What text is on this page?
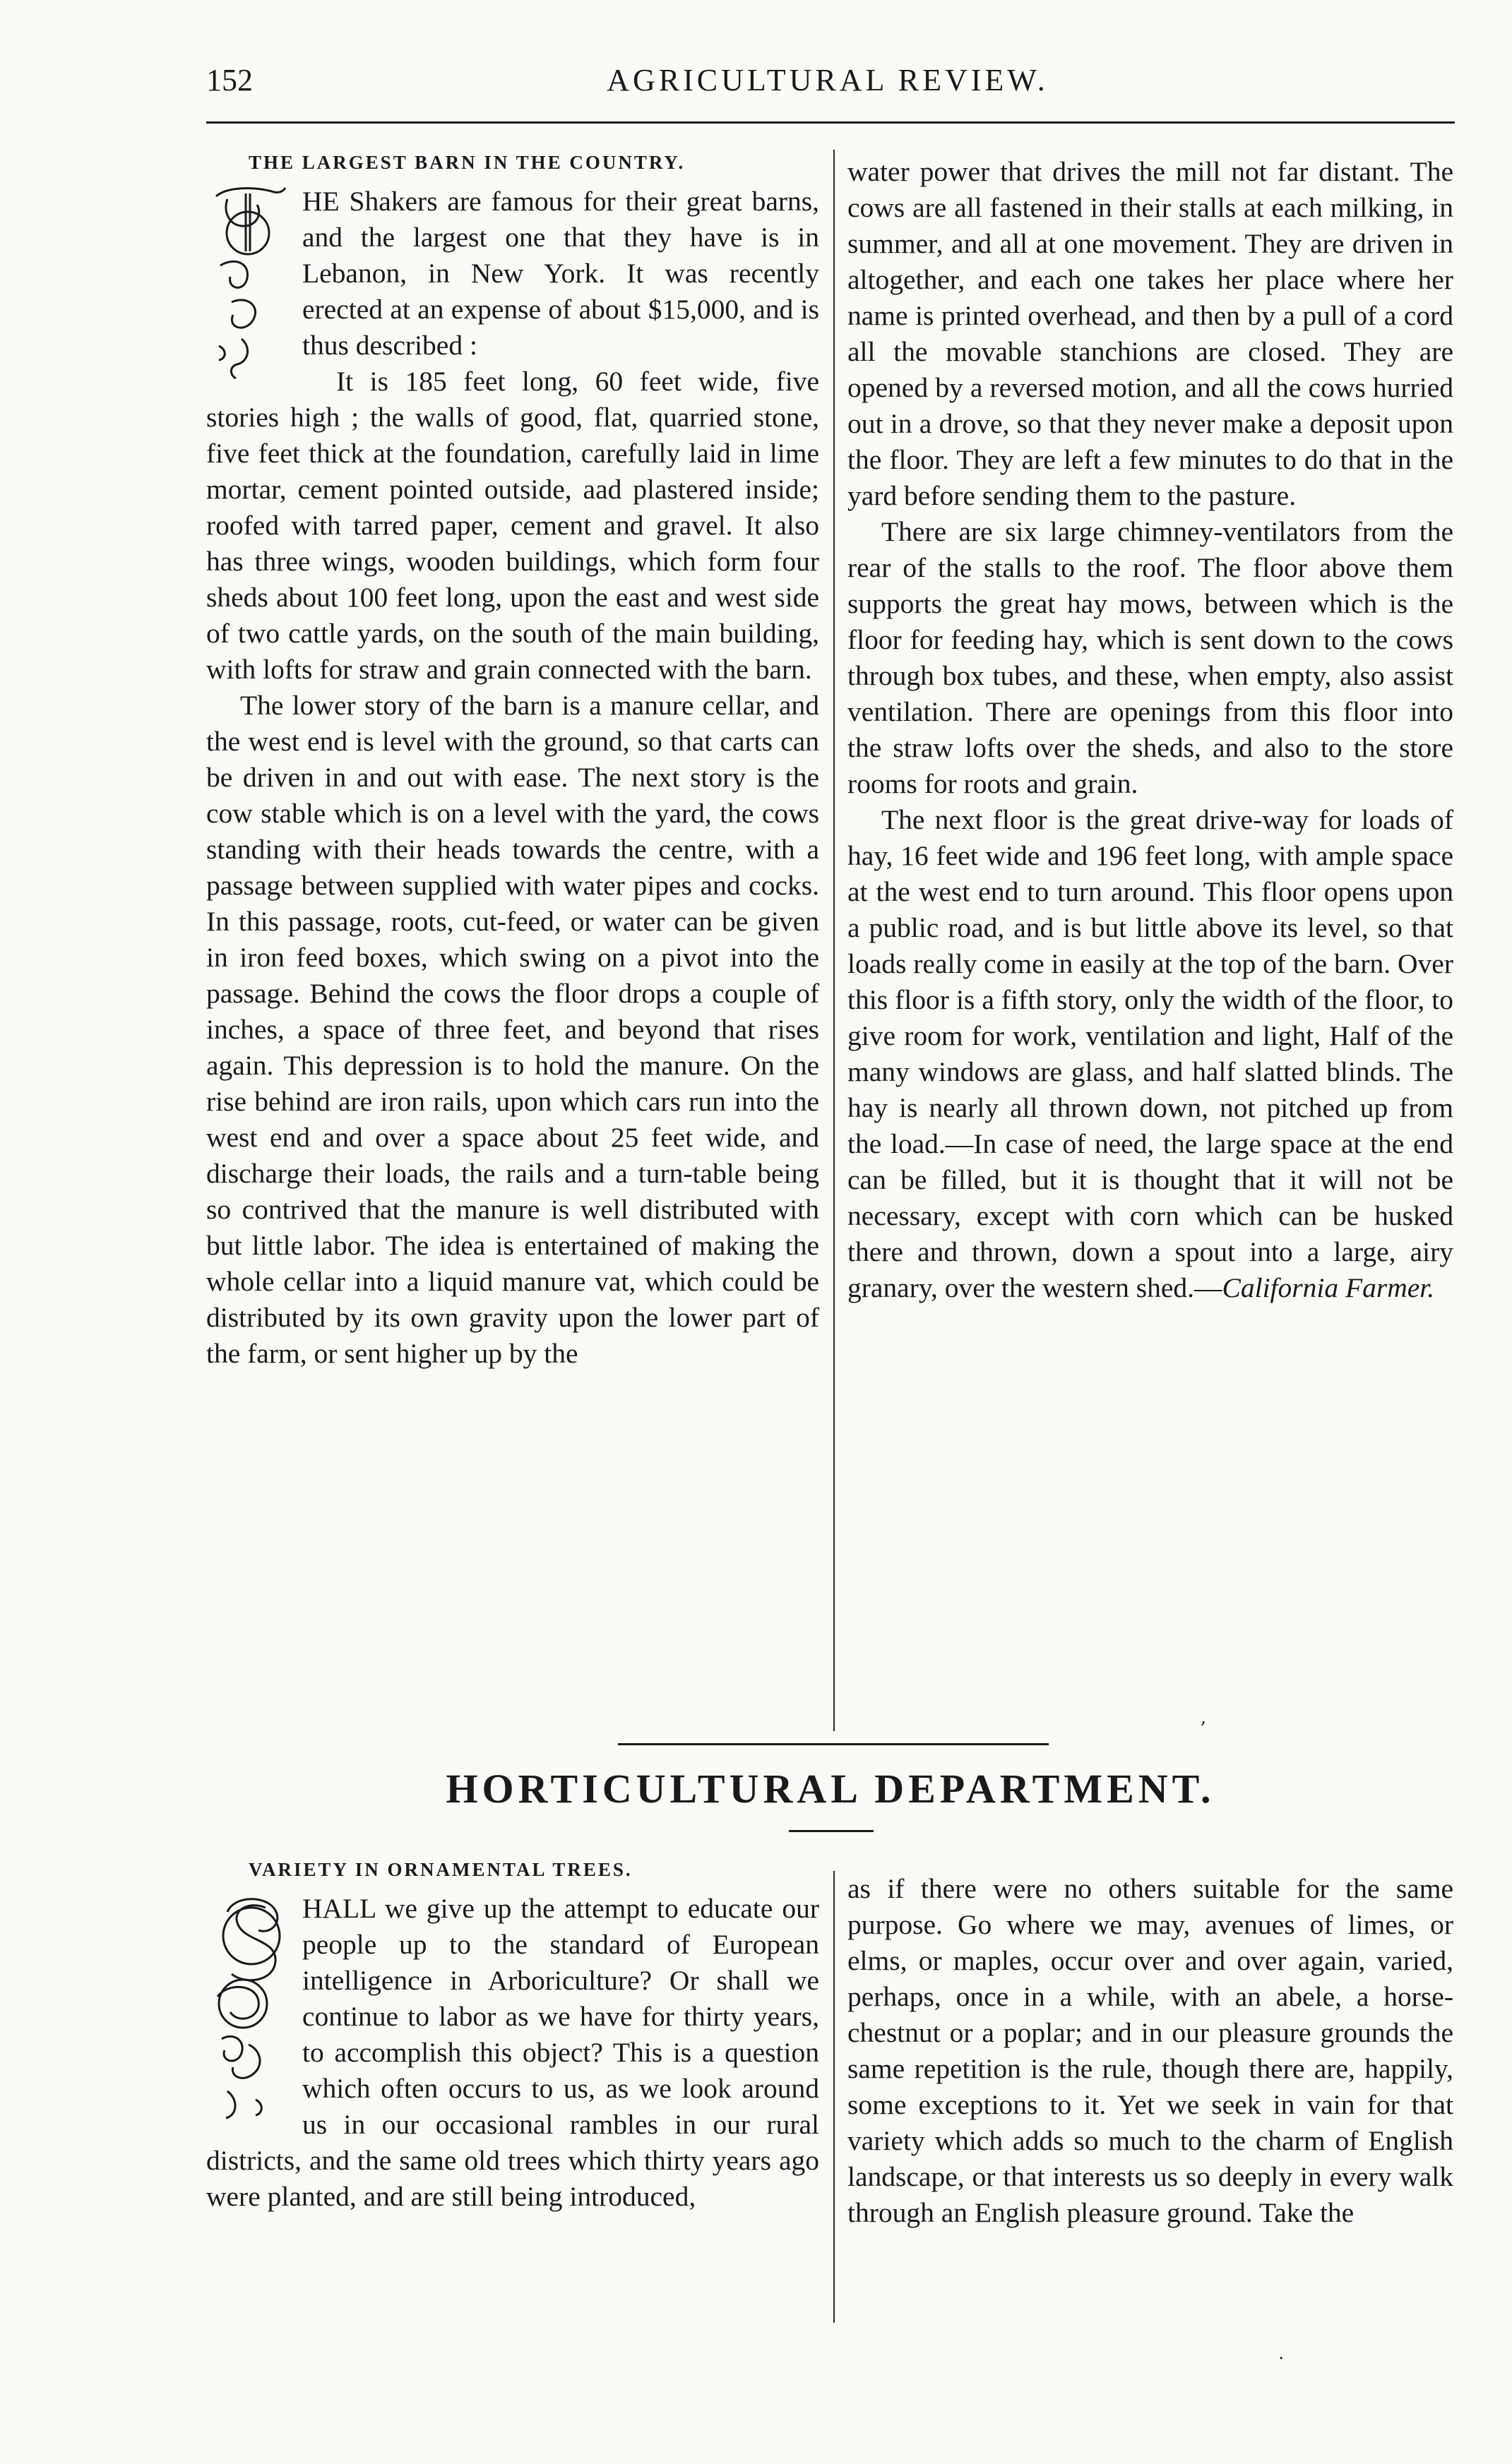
152	AGRICULTURAL REVIEW.
THE LARGEST BARN IN THE COUNTRY.

HE Shakers are famous for their great barns, and the largest one that they have is in Lebanon, in New York. It was recently erected at an expense of about $15,000, and is thus described :

It is 185 feet long, 60 feet wide, five stories high ; the walls of good, flat, quarried stone, five feet thick at the foundation, carefully laid in lime mortar, cement pointed outside, aad plastered inside; roofed with tarred paper, cement and gravel. It also has three wings, wooden buildings, which form four sheds about 100 feet long, upon the east and west side of two cattle yards, on the south of the main building, with lofts for straw and grain connected with the barn.

The lower story of the barn is a manure cellar, and the west end is level with the ground, so that carts can be driven in and out with ease. The next story is the cow stable which is on a level with the yard, the cows standing with their heads towards the centre, with a passage between supplied with water pipes and cocks. In this passage, roots, cut-feed, or water can be given in iron feed boxes, which swing on a pivot into the passage. Behind the cows the floor drops a couple of inches, a space of three feet, and beyond that rises again. This depression is to hold the manure. On the rise behind are iron rails, upon which cars run into the west end and over a space about 25 feet wide, and discharge their loads, the rails and a turn-table being so contrived that the manure is well distributed with but little labor. The idea is entertained of making the whole cellar into a liquid manure vat, which could be distributed by its own gravity upon the lower part of the farm, or sent higher up by the

water power that drives the mill not far distant. The cows are all fastened in their stalls at each milking, in summer, and all at one movement. They are driven in altogether, and each one takes her place where her name is printed overhead, and then by a pull of a cord all the movable stanchions are closed. They are opened by a reversed motion, and all the cows hurried out in a drove, so that they never make a deposit upon the floor. They are left a few minutes to do that in the yard before sending them to the pasture.

There are six large chimney-ventilators from the rear of the stalls to the roof. The floor above them supports the great hay mows, between which is the floor for feeding hay, which is sent down to the cows through box tubes, and these, when empty, also assist ventilation. There are openings from this floor into the straw lofts over the sheds, and also to the store rooms for roots and grain.

The next floor is the great drive-way for loads of hay, 16 feet wide and 196 feet long, with ample space at the west end to turn around. This floor opens upon a public road, and is but little above its level, so that loads really come in easily at the top of the barn. Over this floor is a fifth story, only the width of the floor, to give room for work, ventilation and light, Half of the many windows are glass, and half slatted blinds. The hay is nearly all thrown down, not pitched up from the load.—In case of need, the large space at the end can be filled, but it is thought that it will not be necessary, except with corn which can be husked there and thrown, down a spout into a large, airy granary, over the western shed.—California Farmer.

,
HORTICULTURAL DEPARTMENT.
VARIETY IN ORNAMENTAL TREES.

HALL we give up the attempt to educate our people up to the standard of European intelligence in Arboriculture? Or shall we continue to labor as we have for thirty years, to accomplish this object? This is a question which often occurs to us, as we look around us in our occasional rambles in our rural districts, and the same old trees which thirty years ago were planted, and are still being introduced,

as if there were no others suitable for the same purpose. Go where we may, avenues of limes, or elms, or maples, occur over and over again, varied, perhaps, once in a while, with an abele, a horse-chestnut or a poplar; and in our pleasure grounds the same repetition is the rule, though there are, happily, some exceptions to it. Yet we seek in vain for that variety which adds so much to the charm of English landscape, or that interests us so deeply in every walk through an English pleasure ground. Take the

.
